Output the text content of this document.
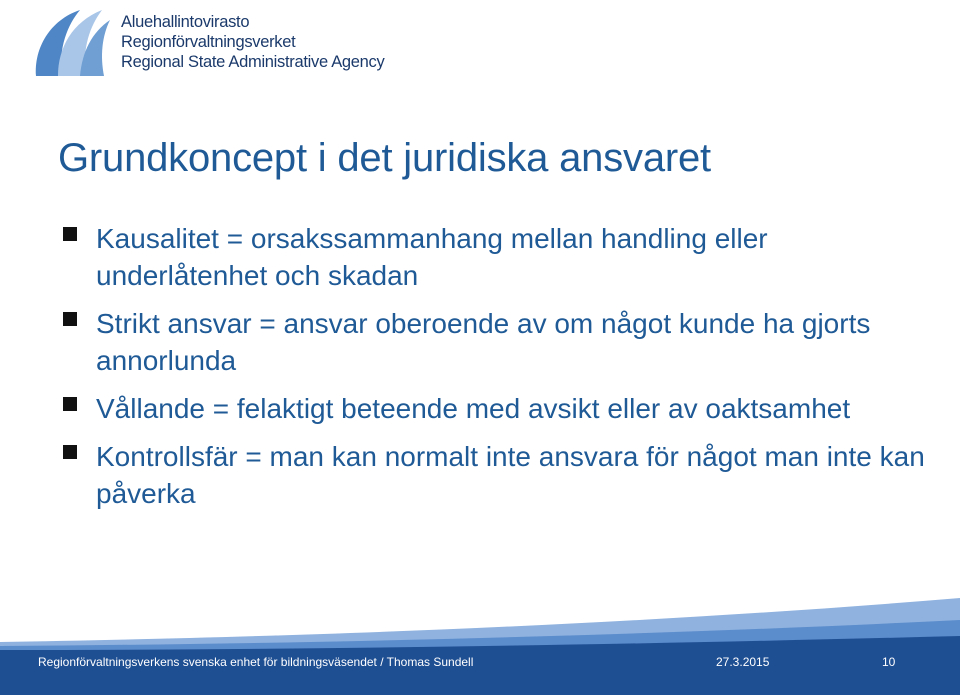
Aluehallintovirasto
Regionförvaltningsverket
Regional State Administrative Agency
Grundkoncept i det juridiska ansvaret
Kausalitet = orsakssammanhang mellan handling eller underlåtenhet och skadan
Strikt ansvar = ansvar oberoende av om något kunde ha gjorts annorlunda
Vållande = felaktigt beteende med avsikt eller av oaktsamhet
Kontrollsfär = man kan normalt inte ansvara för något man inte kan påverka
Regionförvaltningsverkens svenska enhet för bildningsväsendet / Thomas Sundell	27.3.2015	10
